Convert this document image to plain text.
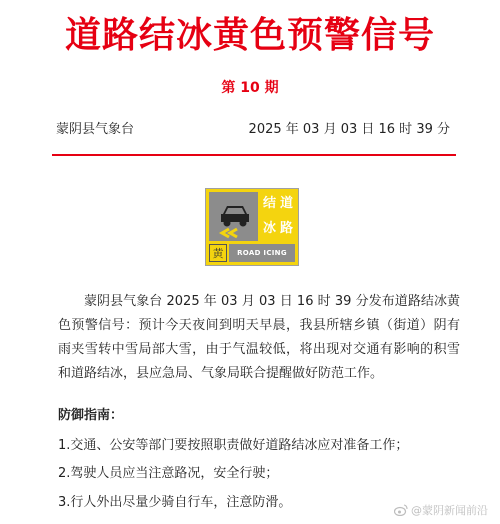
道路结冰黄色预警信号
第 10 期
蒙阴县气象台	2025 年 03 月 03 日 16 时 39 分
结 道
冰 路
黄	ROAD ICING
蒙阴县气象台 2025 年 03 月 03 日 16 时 39 分发布道路结冰黄色预警信号：预计今天夜间到明天早晨，我县所辖乡镇（街道）阴有雨夹雪转中雪局部大雪，由于气温较低，将出现对交通有影响的积雪和道路结冰，县应急局、气象局联合提醒做好防范工作。
防御指南：
1.交通、公安等部门要按照职责做好道路结冰应对准备工作；
2.驾驶人员应当注意路况，安全行驶；
3.行人外出尽量少骑自行车，注意防滑。
@蒙阴新闻前沿
